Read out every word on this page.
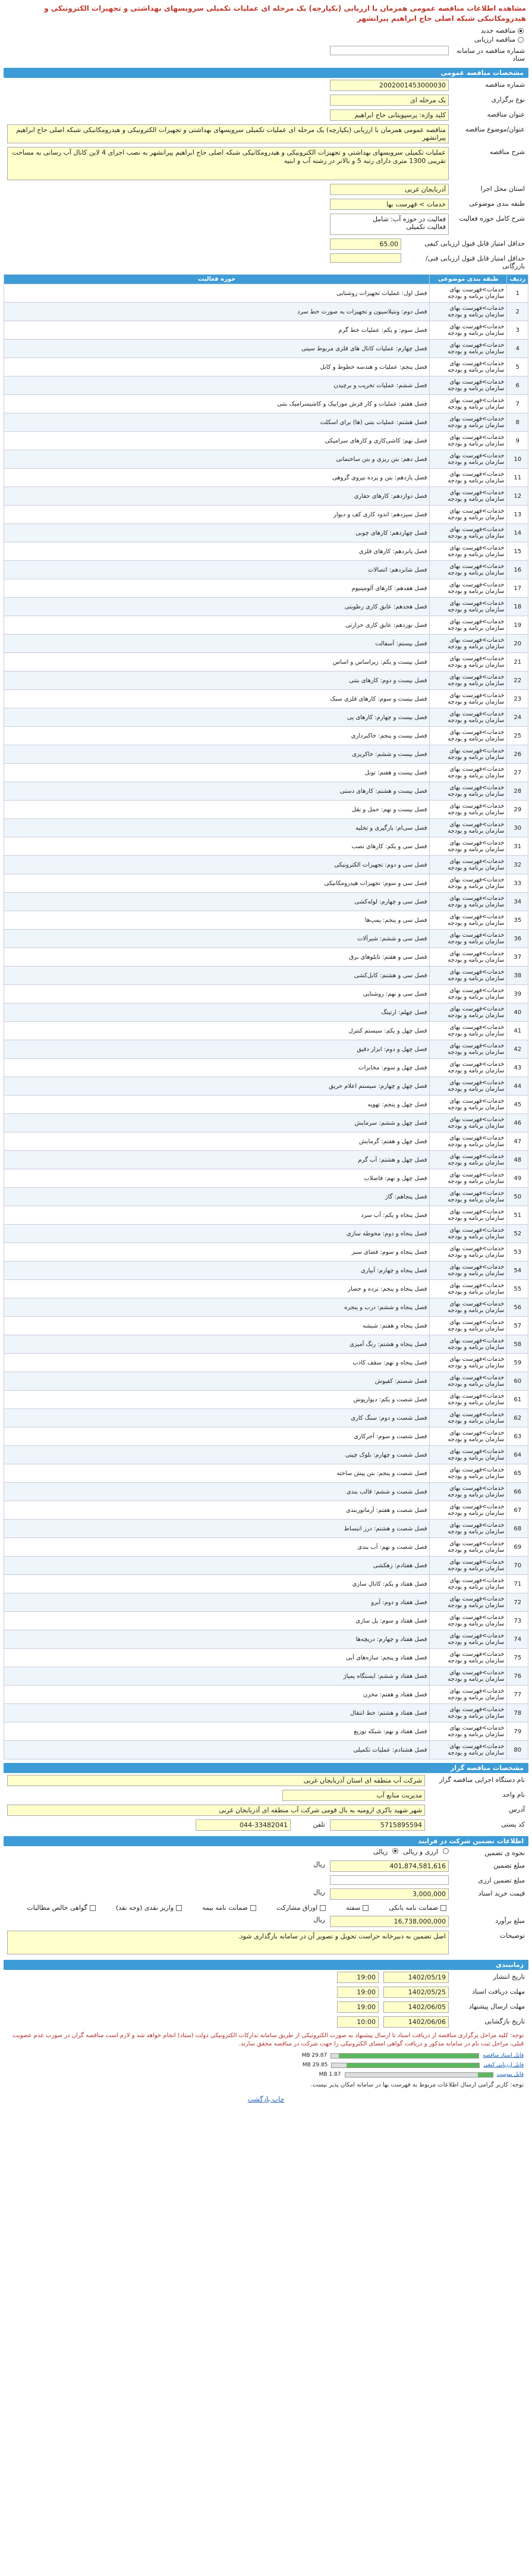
مشاهده اطلاعات مناقصه عمومی همزمان با ارزیابی (یکپارچه) یک مرحله ای عملیات تکمیلی سرویسهای بهداشتی و تجهیزات الکترونیکی و هیدرومکانیکی شبکه اصلی حاج ابراهیم پیرانشهر
مناقصه جدید
مناقصه ارزیابی
شماره مناقصه در سامانه ستاد
مشخصات مناقصه عمومی
شماره مناقصه
2002001453000030
نوع برگزاری
یک مرحله ای
عنوان مناقصه
کلید واژه: پرسپویتانی حاج ابراهیم
عنوان/موضوع مناقصه
مناقصه عمومی همزمان با ارزیابی (یکپارچه) یک مرحله ای عملیات تکمیلی سرویسهای بهداشتی و تجهیزات الکترونیکی و هیدرومکانیکی شبکه اصلی حاج ابراهیم پیرانشهر
شرح مناقصه
عملیات تکمیلی سرویسهای بهداشتی و تجهیزات الکترونیکی و هیدرومکانیکی شبکه اصلی حاج ابراهیم پیرانشهر به نصب اجرای 4 لاین کانال آب رسانی به مساحت تقریبی 1300 متری دارای رتبه 5 و بالاتر در رشته آب و ابنیه
استان محل اجرا
آذربایجان غربی
طبقه بندی موضوعی
خدمات > فهرست بها
شرح کامل حوزه فعالیت
فعالیت در حوزه آب: شامل
فعالیت تکمیلی
حداقل امتیاز قابل قبول ارزیابی کیفی
65.00
حداقل امتیاز قابل قبول ارزیابی فنی/بازرگانی
ردیف	طبقه بندی موضوعی	حوزه فعالیت
1	خدمات>فهرست بهای سازمان برنامه و بودجه	فصل اول: عملیات تجهیزات روشنایی
2	خدمات>فهرست بهای سازمان برنامه و بودجه	فصل دوم: ونتیلاسیون و تجهیزات به صورت خط سرد
3	خدمات>فهرست بهای سازمان برنامه و بودجه	فصل سوم: و یکم: عملیات خط گرم
4	خدمات>فهرست بهای سازمان برنامه و بودجه	فصل چهارم: عملیات کانال های فلزی مربوط سینی
5	خدمات>فهرست بهای سازمان برنامه و بودجه	فصل پنجم: عملیات و هندسه خطوط و کابل
6	خدمات>فهرست بهای سازمان برنامه و بودجه	فصل ششم: عملیات تخریب و برچیدن
7	خدمات>فهرست بهای سازمان برنامه و بودجه	فصل هفتم: عملیات و کار فرش موزاییک و کاشیسرامیک بتنی
8	خدمات>فهرست بهای سازمان برنامه و بودجه	فصل هشتم: عملیات بتنی (ها) برای اسکلت
9	خدمات>فهرست بهای سازمان برنامه و بودجه	فصل نهم: کاشی‌کاری و کارهای سرامیکی
10	خدمات>فهرست بهای سازمان برنامه و بودجه	فصل دهم: بتن ریزی و بتن ساختمانی
11	خدمات>فهرست بهای سازمان برنامه و بودجه	فصل یازدهم: بتن و پرده نیروی گروهی
12	خدمات>فهرست بهای سازمان برنامه و بودجه	فصل دوازدهم: کارهای حفاری
13	خدمات>فهرست بهای سازمان برنامه و بودجه	فصل سیزدهم: اندود کاری کف و دیوار
14	خدمات>فهرست بهای سازمان برنامه و بودجه	فصل چهاردهم: کارهای چوبی
15	خدمات>فهرست بهای سازمان برنامه و بودجه	فصل پانزدهم: کارهای فلزی
16	خدمات>فهرست بهای سازمان برنامه و بودجه	فصل شانزدهم: اتصالات
17	خدمات>فهرست بهای سازمان برنامه و بودجه	فصل هفدهم: کارهای آلومینیوم
18	خدمات>فهرست بهای سازمان برنامه و بودجه	فصل هجدهم: عایق کاری رطوبتی
19	خدمات>فهرست بهای سازمان برنامه و بودجه	فصل نوزدهم: عایق کاری حرارتی
20	خدمات>فهرست بهای سازمان برنامه و بودجه	فصل بیستم: آسفالت
21	خدمات>فهرست بهای سازمان برنامه و بودجه	فصل بیست و یکم: زیراساس و اساس
22	خدمات>فهرست بهای سازمان برنامه و بودجه	فصل بیست و دوم: کارهای بتنی
23	خدمات>فهرست بهای سازمان برنامه و بودجه	فصل بیست و سوم: کارهای فلزی سبک
24	خدمات>فهرست بهای سازمان برنامه و بودجه	فصل بیست و چهارم: کارهای پی
25	خدمات>فهرست بهای سازمان برنامه و بودجه	فصل بیست و پنجم: خاکبرداری
26	خدمات>فهرست بهای سازمان برنامه و بودجه	فصل بیست و ششم: خاکریزی
27	خدمات>فهرست بهای سازمان برنامه و بودجه	فصل بیست و هفتم: تونل
28	خدمات>فهرست بهای سازمان برنامه و بودجه	فصل بیست و هشتم: کارهای دستی
29	خدمات>فهرست بهای سازمان برنامه و بودجه	فصل بیست و نهم: حمل و نقل
30	خدمات>فهرست بهای سازمان برنامه و بودجه	فصل سی‌ام: بارگیری و تخلیه
31	خدمات>فهرست بهای سازمان برنامه و بودجه	فصل سی و یکم: کارهای نصب
32	خدمات>فهرست بهای سازمان برنامه و بودجه	فصل سی و دوم: تجهیزات الکترونیکی
33	خدمات>فهرست بهای سازمان برنامه و بودجه	فصل سی و سوم: تجهیزات هیدرومکانیکی
34	خدمات>فهرست بهای سازمان برنامه و بودجه	فصل سی و چهارم: لوله‌کشی
35	خدمات>فهرست بهای سازمان برنامه و بودجه	فصل سی و پنجم: پمپ‌ها
36	خدمات>فهرست بهای سازمان برنامه و بودجه	فصل سی و ششم: شیرآلات
37	خدمات>فهرست بهای سازمان برنامه و بودجه	فصل سی و هفتم: تابلوهای برق
38	خدمات>فهرست بهای سازمان برنامه و بودجه	فصل سی و هشتم: کابل‌کشی
39	خدمات>فهرست بهای سازمان برنامه و بودجه	فصل سی و نهم: روشنایی
40	خدمات>فهرست بهای سازمان برنامه و بودجه	فصل چهلم: ارتینگ
41	خدمات>فهرست بهای سازمان برنامه و بودجه	فصل چهل و یکم: سیستم کنترل
42	خدمات>فهرست بهای سازمان برنامه و بودجه	فصل چهل و دوم: ابزار دقیق
43	خدمات>فهرست بهای سازمان برنامه و بودجه	فصل چهل و سوم: مخابرات
44	خدمات>فهرست بهای سازمان برنامه و بودجه	فصل چهل و چهارم: سیستم اعلام حریق
45	خدمات>فهرست بهای سازمان برنامه و بودجه	فصل چهل و پنجم: تهویه
46	خدمات>فهرست بهای سازمان برنامه و بودجه	فصل چهل و ششم: سرمایش
47	خدمات>فهرست بهای سازمان برنامه و بودجه	فصل چهل و هفتم: گرمایش
48	خدمات>فهرست بهای سازمان برنامه و بودجه	فصل چهل و هشتم: آب گرم
49	خدمات>فهرست بهای سازمان برنامه و بودجه	فصل چهل و نهم: فاضلاب
50	خدمات>فهرست بهای سازمان برنامه و بودجه	فصل پنجاهم: گاز
51	خدمات>فهرست بهای سازمان برنامه و بودجه	فصل پنجاه و یکم: آب سرد
52	خدمات>فهرست بهای سازمان برنامه و بودجه	فصل پنجاه و دوم: محوطه سازی
53	خدمات>فهرست بهای سازمان برنامه و بودجه	فصل پنجاه و سوم: فضای سبز
54	خدمات>فهرست بهای سازمان برنامه و بودجه	فصل پنجاه و چهارم: آبیاری
55	خدمات>فهرست بهای سازمان برنامه و بودجه	فصل پنجاه و پنجم: نرده و حصار
56	خدمات>فهرست بهای سازمان برنامه و بودجه	فصل پنجاه و ششم: درب و پنجره
57	خدمات>فهرست بهای سازمان برنامه و بودجه	فصل پنجاه و هفتم: شیشه
58	خدمات>فهرست بهای سازمان برنامه و بودجه	فصل پنجاه و هشتم: رنگ آمیزی
59	خدمات>فهرست بهای سازمان برنامه و بودجه	فصل پنجاه و نهم: سقف کاذب
60	خدمات>فهرست بهای سازمان برنامه و بودجه	فصل شصتم: کفپوش
61	خدمات>فهرست بهای سازمان برنامه و بودجه	فصل شصت و یکم: دیوارپوش
62	خدمات>فهرست بهای سازمان برنامه و بودجه	فصل شصت و دوم: سنگ کاری
63	خدمات>فهرست بهای سازمان برنامه و بودجه	فصل شصت و سوم: آجرکاری
64	خدمات>فهرست بهای سازمان برنامه و بودجه	فصل شصت و چهارم: بلوک چینی
65	خدمات>فهرست بهای سازمان برنامه و بودجه	فصل شصت و پنجم: بتن پیش ساخته
66	خدمات>فهرست بهای سازمان برنامه و بودجه	فصل شصت و ششم: قالب بندی
67	خدمات>فهرست بهای سازمان برنامه و بودجه	فصل شصت و هفتم: آرماتوربندی
68	خدمات>فهرست بهای سازمان برنامه و بودجه	فصل شصت و هشتم: درز انبساط
69	خدمات>فهرست بهای سازمان برنامه و بودجه	فصل شصت و نهم: آب بندی
70	خدمات>فهرست بهای سازمان برنامه و بودجه	فصل هفتادم: زهکشی
71	خدمات>فهرست بهای سازمان برنامه و بودجه	فصل هفتاد و یکم: کانال سازی
72	خدمات>فهرست بهای سازمان برنامه و بودجه	فصل هفتاد و دوم: آبرو
73	خدمات>فهرست بهای سازمان برنامه و بودجه	فصل هفتاد و سوم: پل سازی
74	خدمات>فهرست بهای سازمان برنامه و بودجه	فصل هفتاد و چهارم: دریچه‌ها
75	خدمات>فهرست بهای سازمان برنامه و بودجه	فصل هفتاد و پنجم: سازه‌های آبی
76	خدمات>فهرست بهای سازمان برنامه و بودجه	فصل هفتاد و ششم: ایستگاه پمپاژ
77	خدمات>فهرست بهای سازمان برنامه و بودجه	فصل هفتاد و هفتم: مخزن
78	خدمات>فهرست بهای سازمان برنامه و بودجه	فصل هفتاد و هشتم: خط انتقال
79	خدمات>فهرست بهای سازمان برنامه و بودجه	فصل هفتاد و نهم: شبکه توزیع
80	خدمات>فهرست بهای سازمان برنامه و بودجه	فصل هشتادم: عملیات تکمیلی
مشخصات مناقصه گزار
نام دستگاه اجرایی مناقصه گزار
شرکت آب منطقه ای استان آذربایجان غربی
نام واحد
مدیریت منابع آب
آدرس
شهر شهید باکری ارومیه به بال قومی شرکت آب منطقه ای آذربایجان غربی
کد پستی
5715895594
تلفن
044-33482041
اطلاعات تضمین شرکت در فرایند
نحوه ی تضمین
ارزی و ریالی
ریالی
مبلغ تضمین
401,874,581,616
ریال
مبلغ تضمین ارزی
قیمت خرید اسناد
3,000,000
ریال
ضمانت نامه بانکی
سفته
اوراق مشارکت
ضمانت نامه بیمه
واریز نقدی (وجه نقد)
گواهی خالص مطالبات
مبلغ برآورد
16,738,000,000
ریال
توضیحات
اصل تضمین به دبیرخانه حراست تحویل و تصویر آن در سامانه بارگذاری شود.
زمانبندی
تاریخ انتشار
1402/05/19
19:00
مهلت دریافت اسناد
1402/05/25
19:00
مهلت ارسال پیشنهاد
1402/06/05
19:00
تاریخ بازگشایی
1402/06/06
10:00
توجه: کلیه مراحل برگزاری مناقصه از دریافت اسناد تا ارسال پیشنهاد به صورت الکترونیکی از طریق سامانه تدارکات الکترونیکی دولت (ستاد) انجام خواهد شد و لازم است مناقصه گران در صورت عدم عضویت قبلی، مراحل ثبت نام در سامانه مذکور و دریافت گواهی امضای الکترونیکی را جهت شرکت در مناقصه محقق سازند.
فایل اسناد مناقصه
29.87 MB
فایل ارزیابی کیفی
29.85 MB
فایل پیوست
1.87 MB
توجه: کاربر گرامی ارسال اطلاعات مربوط به فهرست بها در سامانه امکان پذیر نیست.
چاپ بازگشت
